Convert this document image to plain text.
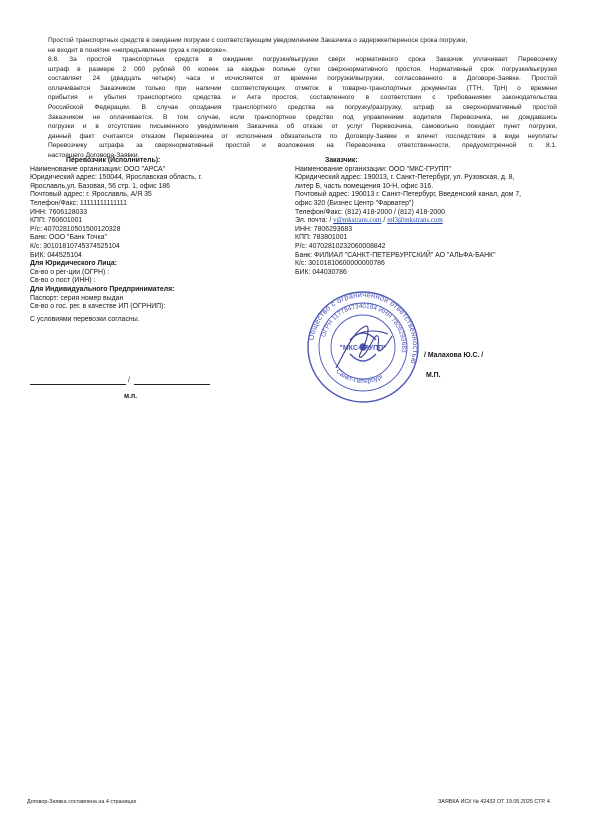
Простой транспортных средств в ожидании погрузки с соответствующим уведомлением Заказчика о задержке/переносе срока погрузки,
не входит в понятие «непредъявление груза к перевозке».
8.8. За простой транспортных средств в ожидании погрузки/выгрузки сверх нормативного срока Заказчик уплачивает Перевозчику
штраф в размере 2 000 рублей 00 копеек за каждые полные сутки сверхнормативного простоя. Нормативный срок погрузки/выгрузки
составляет 24 (двадцать четыре) часа и исчисляется от времени погрузки/выгрузки, согласованного в Договоре-Заявке. Простой
оплачивается Заказчиком только при наличии соответствующих отметок в товарно-транспортных документах (ТТН, ТрН) о времени
прибытия и убытия транспортного средства и Акта простоя, составленного в соответствии с требованиями законодательства
Российской Федерации. В случае опоздания транспортного средства на погрузку/разгрузку, штраф за сверхнормативный простой
Заказчиком не оплачивается. В том случае, если транспортное средство под управлением водителя Перевозчика, не дождавшись
погрузки и в отсутствие письменного уведомления Заказчика об отказе от услуг Перевозчика, самовольно покидает пункт погрузки,
данный факт считается отказом Перевозчика от исполнения обязательств по Договору-Заявке и влечет последствия в виде неуплаты
Перевозчику штрафа за сверхнормативный простой и возложения на Перевозчика ответственности, предусмотренной п. 8.1.
настоящего Договора-Заявки.
Перевозчик (Исполнитель):
Наименование организации: ООО "АРСА"
Юридический адрес: 150044, Ярославская область, г.
Ярославль,ул. Базовая, 56 стр. 1, офис 186
Почтовый адрес: г. Ярославль, А/Я 35
Телефон/Факс: 11111111111111
ИНН: 7606128033
КПП: 760601001
Р/с: 40702810501500120328
Банк: ООО "Банк Точка"
К/с: 30101810745374525104
БИК: 044525104
Для Юридического Лица:
Св-во о рег-ции (ОГРН) :
Св-во о пост (ИНН) :
Для Индивидуального Предпринимателя:
Паспорт: серия номер выдан
Св-во о гос. рег. в качестве ИП (ОГРНИП):
С условиями перевозки согласны.
/
м.п.
Заказчик:
Наименование организации: ООО "МКС-ГРУПП"
Юридический адрес: 190013, г. Санкт-Петербург, ул. Рузовская, д. 8,
литер Б, часть помещения 10-Н, офис 316.
Почтовый адрес: 190013 г. Санкт-Петербург, Введенский канал, дом 7,
офис 320 (Бизнес Центр "Фарватер")
Телефон/Факс: (812) 418-2000 / (812) 418-2000
Эл. почта: / v@mkstrans.com / ml3@mkstrans.com
ИНН: 7806293683
КПП: 783801001
Р/с: 40702810232060008842
Банк: ФИЛИАЛ "САНКТ-ПЕТЕРБУРГСКИЙ" АО "АЛЬФА-БАНК"
К/с: 30101810600000000786
БИК: 044030786
Общество с ограниченной ответственностью
ОГРН 1177847340184 ИНН 7806293683
Санкт-Петербург
"МКС-ГРУПП"
/ Малахова Ю.С. /
М.П.
Договор-Заявка составлена на 4 страницах	ЗАЯВКА ИСХ № 42432 ОТ 19.05.2025 СТР. 4
